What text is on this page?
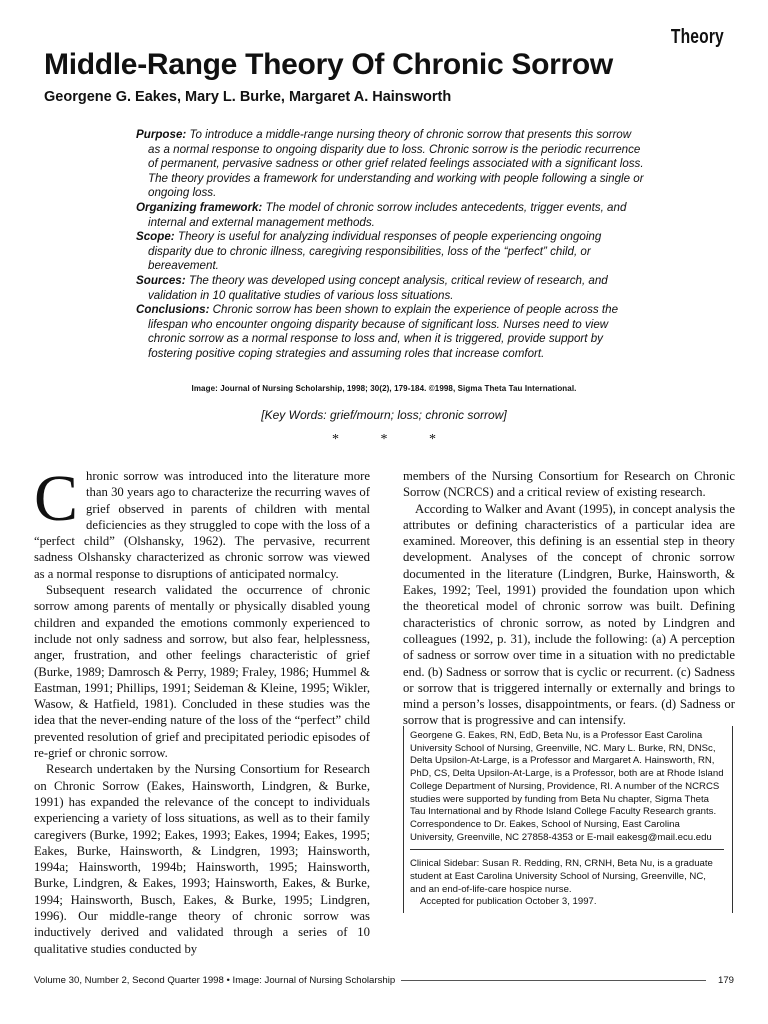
Theory
Middle-Range Theory Of Chronic Sorrow
Georgene G. Eakes, Mary L. Burke, Margaret A. Hainsworth
Purpose: To introduce a middle-range nursing theory of chronic sorrow that presents this sorrow as a normal response to ongoing disparity due to loss. Chronic sorrow is the periodic recurrence of permanent, pervasive sadness or other grief related feelings associated with a significant loss. The theory provides a framework for understanding and working with people following a single or ongoing loss.
Organizing framework: The model of chronic sorrow includes antecedents, trigger events, and internal and external management methods.
Scope: Theory is useful for analyzing individual responses of people experiencing ongoing disparity due to chronic illness, caregiving responsibilities, loss of the “perfect” child, or bereavement.
Sources: The theory was developed using concept analysis, critical review of research, and validation in 10 qualitative studies of various loss situations.
Conclusions: Chronic sorrow has been shown to explain the experience of people across the lifespan who encounter ongoing disparity because of significant loss. Nurses need to view chronic sorrow as a normal response to loss and, when it is triggered, provide support by fostering positive coping strategies and assuming roles that increase comfort.
Image: Journal of Nursing Scholarship, 1998; 30(2), 179-184. ©1998, Sigma Theta Tau International.
[Key Words: grief/mourn; loss; chronic sorrow]
* * *

Chronic sorrow was introduced into the literature more than 30 years ago to characterize the recurring waves of grief observed in parents of children with mental deficiencies as they struggled to cope with the loss of a “perfect child” (Olshansky, 1962). The pervasive, recurrent sadness Olshansky characterized as chronic sorrow was viewed as a normal response to disruptions of anticipated normalcy.

Subsequent research validated the occurrence of chronic sorrow among parents of mentally or physically disabled young children and expanded the emotions commonly experienced to include not only sadness and sorrow, but also fear, helplessness, anger, frustration, and other feelings characteristic of grief (Burke, 1989; Damrosch & Perry, 1989; Fraley, 1986; Hummel & Eastman, 1991; Phillips, 1991; Seideman & Kleine, 1995; Wikler, Wasow, & Hatfield, 1981). Concluded in these studies was the idea that the never-ending nature of the loss of the “perfect” child prevented resolution of grief and precipitated periodic episodes of re-grief or chronic sorrow.

Research undertaken by the Nursing Consortium for Research on Chronic Sorrow (Eakes, Hainsworth, Lindgren, & Burke, 1991) has expanded the relevance of the concept to individuals experiencing a variety of loss situations, as well as to their family caregivers (Burke, 1992; Eakes, 1993; Eakes, 1994; Eakes, 1995; Eakes, Burke, Hainsworth, & Lindgren, 1993; Hainsworth, 1994a; Hainsworth, 1994b; Hainsworth, 1995; Hainsworth, Burke, Lindgren, & Eakes, 1993; Hainsworth, Eakes, & Burke, 1994; Hainsworth, Busch, Eakes, & Burke, 1995; Lindgren, 1996). Our middle-range theory of chronic sorrow was inductively derived and validated through a series of 10 qualitative studies conducted by

members of the Nursing Consortium for Research on Chronic Sorrow (NCRCS) and a critical review of existing research.

According to Walker and Avant (1995), in concept analysis the attributes or defining characteristics of a particular idea are examined. Moreover, this defining is an essential step in theory development. Analyses of the concept of chronic sorrow documented in the literature (Lindgren, Burke, Hainsworth, & Eakes, 1992; Teel, 1991) provided the foundation upon which the theoretical model of chronic sorrow was built. Defining characteristics of chronic sorrow, as noted by Lindgren and colleagues (1992, p. 31), include the following: (a) A perception of sadness or sorrow over time in a situation with no predictable end. (b) Sadness or sorrow that is cyclic or recurrent. (c) Sadness or sorrow that is triggered internally or externally and brings to mind a person’s losses, disappointments, or fears. (d) Sadness or sorrow that is progressive and can intensify.

Georgene G. Eakes, RN, EdD, Beta Nu, is a Professor East Carolina University School of Nursing, Greenville, NC. Mary L. Burke, RN, DNSc, Delta Upsilon-At-Large, is a Professor and Margaret A. Hainsworth, RN, PhD, CS, Delta Upsilon-At-Large, is a Professor, both are at Rhode Island College Department of Nursing, Providence, RI. A number of the NCRCS studies were supported by funding from Beta Nu chapter, Sigma Theta Tau International and by Rhode Island College Faculty Research grants. Correspondence to Dr. Eakes, School of Nursing, East Carolina University, Greenville, NC 27858-4353 or E-mail eakesg@mail.ecu.edu

Clinical Sidebar: Susan R. Redding, RN, CRNH, Beta Nu, is a graduate student at East Carolina University School of Nursing, Greenville, NC, and an end-of-life-care hospice nurse.

Accepted for publication October 3, 1997.

Volume 30, Number 2, Second Quarter 1998 • Image: Journal of Nursing Scholarship	179
